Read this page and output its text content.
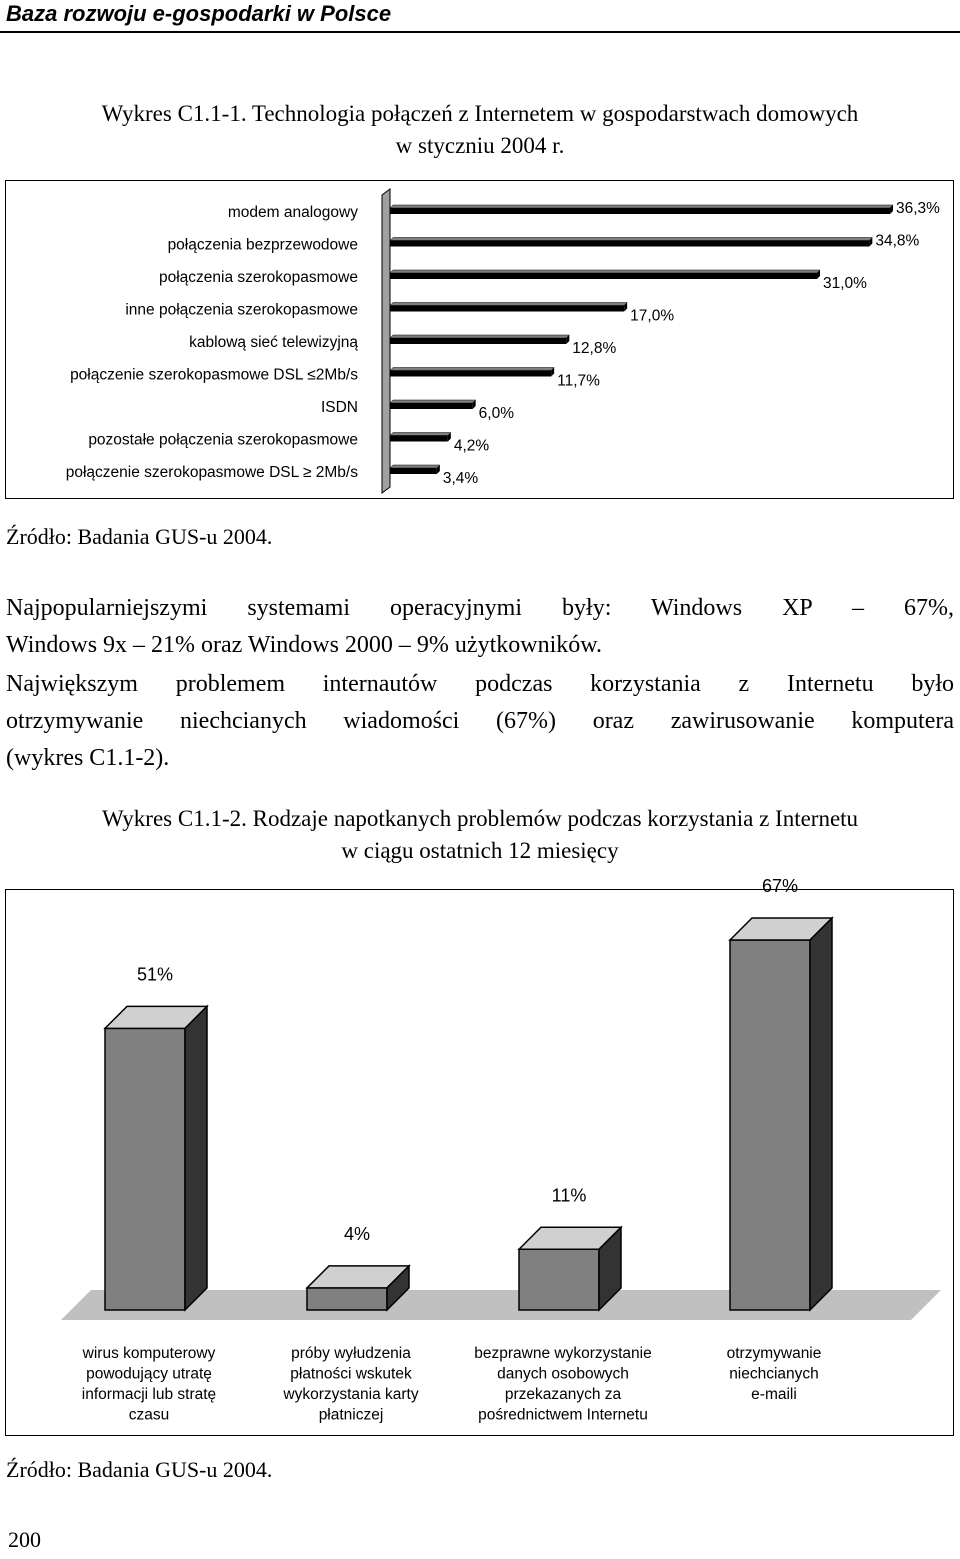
Baza rozwoju e-gospodarki w Polsce
Wykres C1.1-1. Technologia połączeń z Internetem w gospodarstwach domowych
w styczniu 2004 r.
modem analogowy	36,3%
połączenia bezprzewodowe	34,8%
połączenia szerokopasmowe	31,0%
inne połączenia szerokopasmowe	17,0%
kablową sieć telewizyjną	12,8%
połączenie szerokopasmowe DSL ≤2Mb/s	11,7%
ISDN	6,0%
pozostałe połączenia szerokopasmowe	4,2%
połączenie szerokopasmowe DSL ≥ 2Mb/s	3,4%
Źródło: Badania GUS-u 2004.
Najpopularniejszymi systemami operacyjnymi były: Windows XP – 67%,
Windows 9x – 21% oraz Windows 2000 – 9% użytkowników.
Największym problemem internautów podczas korzystania z Internetu było
otrzymywanie niechcianych wiadomości (67%) oraz zawirusowanie komputera
(wykres C1.1-2).
Wykres C1.1-2. Rodzaje napotkanych problemów podczas korzystania z Internetu
w ciągu ostatnich 12 miesięcy
51%
wirus komputerowy
powodujący utratę
informacji lub stratę
czasu
4%
próby wyłudzenia
płatności wskutek
wykorzystania karty
płatniczej
11%
bezprawne wykorzystanie
danych osobowych
przekazanych za
pośrednictwem Internetu
67%
otrzymywanie
niechcianych
e-maili
Źródło: Badania GUS-u 2004.
200
